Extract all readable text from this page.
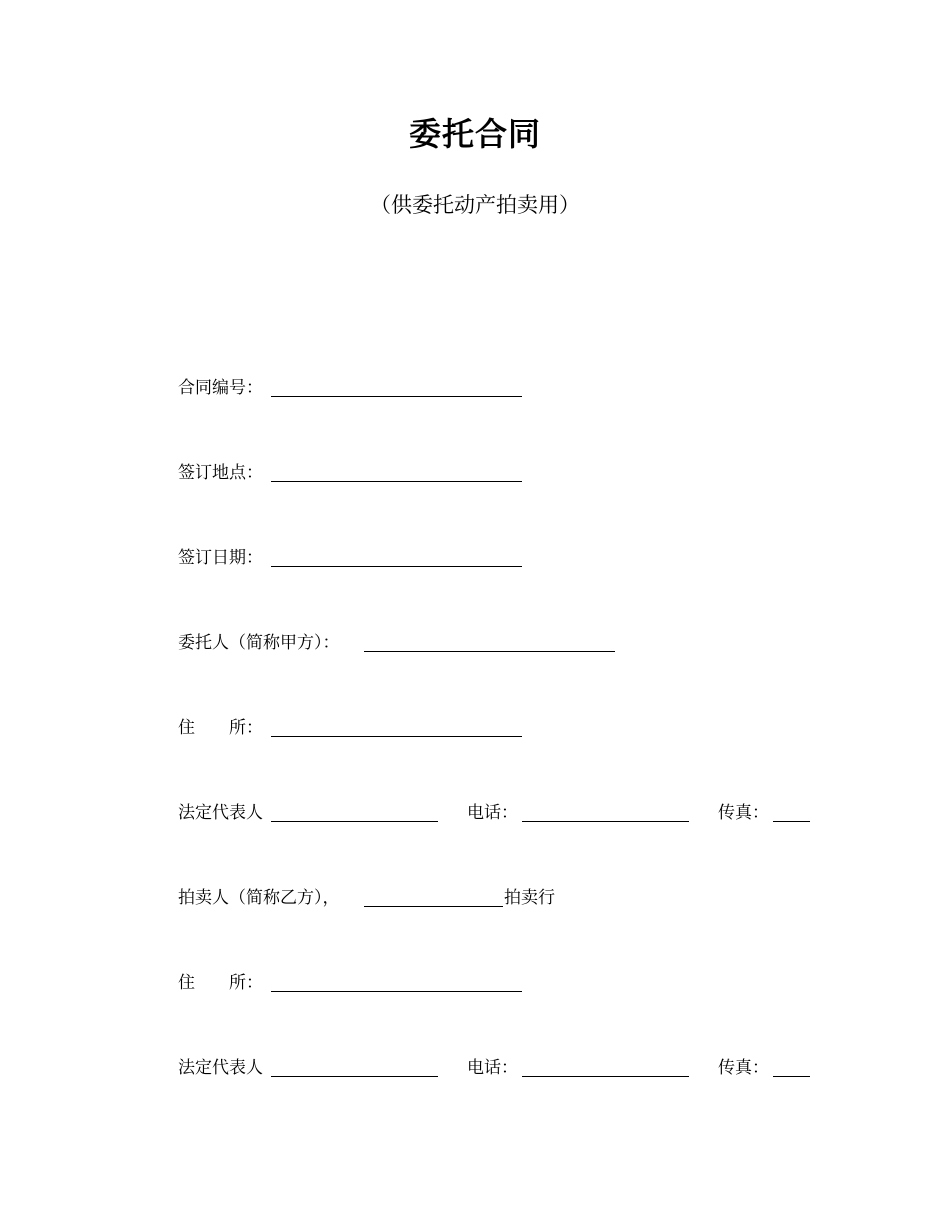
委托合同
（供委托动产拍卖用）
合同编号：
签订地点：
签订日期：
委托人（简称甲方）：
住　　所：
法定代表人	电话：	传真：
拍卖人（简称乙方），	拍卖行
住　　所：
法定代表人	电话：	传真：
